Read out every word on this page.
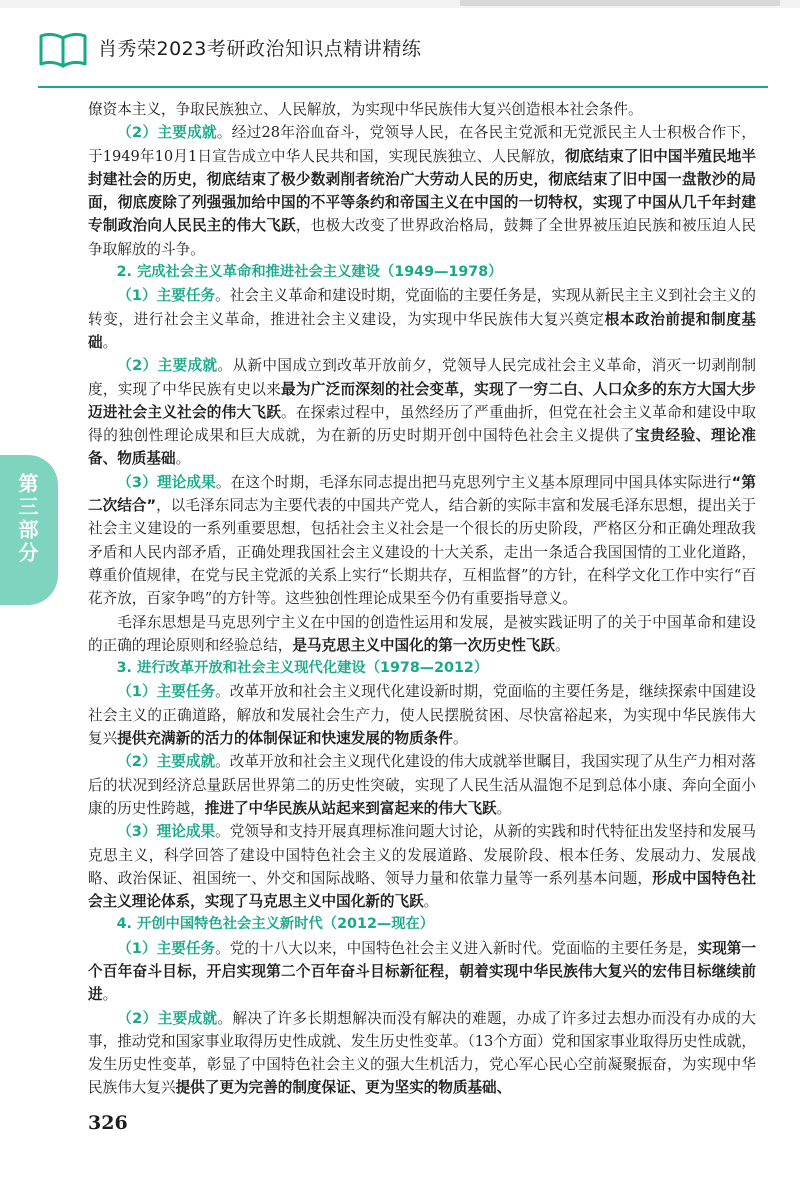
肖秀荣2023考研政治知识点精讲精练
第三部分

僚资本主义，争取民族独立、人民解放，为实现中华民族伟大复兴创造根本社会条件。

（2）主要成就。经过28年浴血奋斗，党领导人民，在各民主党派和无党派民主人士积极合作下，于1949年10月1日宣告成立中华人民共和国，实现民族独立、人民解放，彻底结束了旧中国半殖民地半封建社会的历史，彻底结束了极少数剥削者统治广大劳动人民的历史，彻底结束了旧中国一盘散沙的局面，彻底废除了列强强加给中国的不平等条约和帝国主义在中国的一切特权，实现了中国从几千年封建专制政治向人民民主的伟大飞跃，也极大改变了世界政治格局，鼓舞了全世界被压迫民族和被压迫人民争取解放的斗争。

2. 完成社会主义革命和推进社会主义建设（1949—1978）

（1）主要任务。社会主义革命和建设时期，党面临的主要任务是，实现从新民主主义到社会主义的转变，进行社会主义革命，推进社会主义建设，为实现中华民族伟大复兴奠定根本政治前提和制度基础。

（2）主要成就。从新中国成立到改革开放前夕，党领导人民完成社会主义革命，消灭一切剥削制度，实现了中华民族有史以来最为广泛而深刻的社会变革，实现了一穷二白、人口众多的东方大国大步迈进社会主义社会的伟大飞跃。在探索过程中，虽然经历了严重曲折，但党在社会主义革命和建设中取得的独创性理论成果和巨大成就，为在新的历史时期开创中国特色社会主义提供了宝贵经验、理论准备、物质基础。

（3）理论成果。在这个时期，毛泽东同志提出把马克思列宁主义基本原理同中国具体实际进行“第二次结合”，以毛泽东同志为主要代表的中国共产党人，结合新的实际丰富和发展毛泽东思想，提出关于社会主义建设的一系列重要思想，包括社会主义社会是一个很长的历史阶段，严格区分和正确处理敌我矛盾和人民内部矛盾，正确处理我国社会主义建设的十大关系，走出一条适合我国国情的工业化道路，尊重价值规律，在党与民主党派的关系上实行“长期共存，互相监督”的方针，在科学文化工作中实行“百花齐放，百家争鸣”的方针等。这些独创性理论成果至今仍有重要指导意义。

毛泽东思想是马克思列宁主义在中国的创造性运用和发展，是被实践证明了的关于中国革命和建设的正确的理论原则和经验总结，是马克思主义中国化的第一次历史性飞跃。

3. 进行改革开放和社会主义现代化建设（1978—2012）

（1）主要任务。改革开放和社会主义现代化建设新时期，党面临的主要任务是，继续探索中国建设社会主义的正确道路，解放和发展社会生产力，使人民摆脱贫困、尽快富裕起来，为实现中华民族伟大复兴提供充满新的活力的体制保证和快速发展的物质条件。

（2）主要成就。改革开放和社会主义现代化建设的伟大成就举世瞩目，我国实现了从生产力相对落后的状况到经济总量跃居世界第二的历史性突破，实现了人民生活从温饱不足到总体小康、奔向全面小康的历史性跨越，推进了中华民族从站起来到富起来的伟大飞跃。

（3）理论成果。党领导和支持开展真理标准问题大讨论，从新的实践和时代特征出发坚持和发展马克思主义，科学回答了建设中国特色社会主义的发展道路、发展阶段、根本任务、发展动力、发展战略、政治保证、祖国统一、外交和国际战略、领导力量和依靠力量等一系列基本问题，形成中国特色社会主义理论体系，实现了马克思主义中国化新的飞跃。

4. 开创中国特色社会主义新时代（2012—现在）

（1）主要任务。党的十八大以来，中国特色社会主义进入新时代。党面临的主要任务是，实现第一个百年奋斗目标，开启实现第二个百年奋斗目标新征程，朝着实现中华民族伟大复兴的宏伟目标继续前进。

（2）主要成就。解决了许多长期想解决而没有解决的难题，办成了许多过去想办而没有办成的大事，推动党和国家事业取得历史性成就、发生历史性变革。（13个方面）党和国家事业取得历史性成就，发生历史性变革，彰显了中国特色社会主义的强大生机活力，党心军心民心空前凝聚振奋，为实现中华民族伟大复兴提供了更为完善的制度保证、更为坚实的物质基础、

326
